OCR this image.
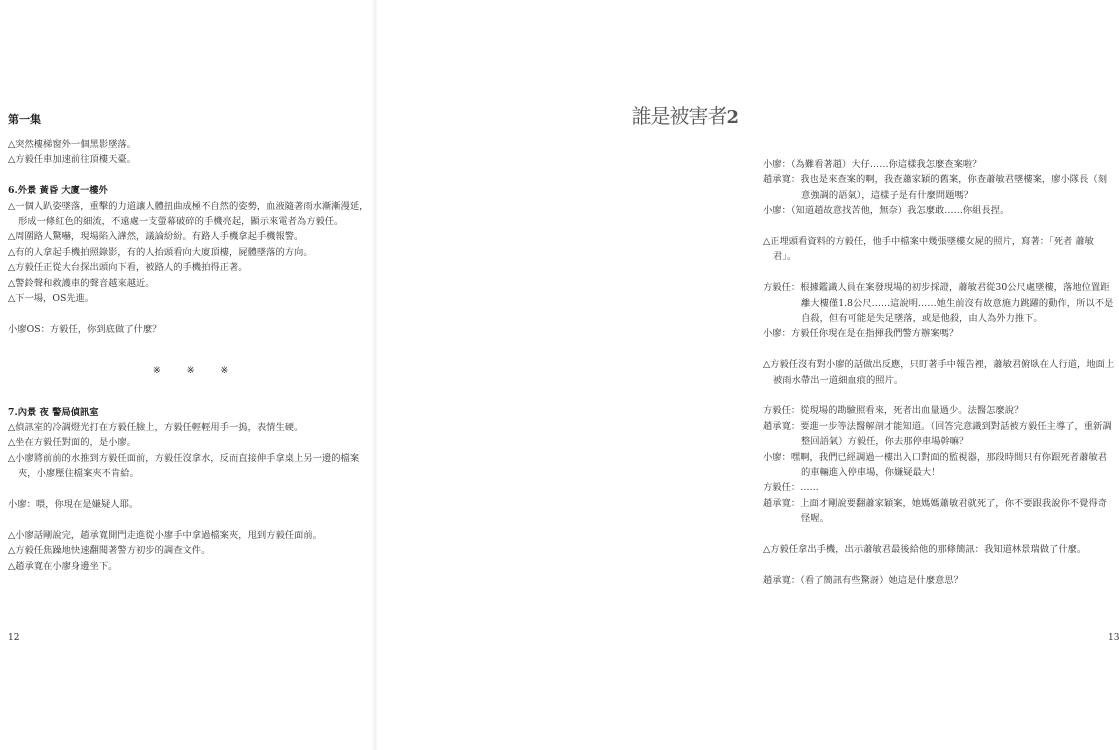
第一集

△突然樓梯窗外一個黑影墜落。

△方毅任車加速前往頂樓天臺。

6.外景 黃昏 大廈一樓外

△一個人趴姿墜落，重擊的力道讓人體扭曲成極不自然的姿勢，血液隨著雨水漸漸漫延，形成一條紅色的細流，不遠處一支螢幕破碎的手機亮起，顯示來電者為方毅任。

△周圍路人驚嚇，現場陷入譁然，議論紛紛。有路人手機拿起手機報警。

△有的人拿起手機拍照錄影，有的人抬頭看向大廈頂樓，屍體墜落的方向。

△方毅任正從大台探出頭向下看，被路人的手機拍得正著。

△警鈴聲和救護車的聲音越來越近。

△下一場，OS先進。

小廖OS：方毅任，你到底做了什麼？

※※※

7.內景 夜 警局偵訊室

△偵訊室的冷調燈光打在方毅任臉上，方毅任輕輕用手一摀，表情生硬。

△坐在方毅任對面的，是小廖。

△小廖將前前的水推到方毅任面前，方毅任沒拿水，反而直接伸手拿桌上另一邊的檔案夾，小廖壓住檔案夾不肯給。

小廖：喂，你現在是嫌疑人耶。

△小廖話剛說完，趙承寬開門走進從小廖手中拿過檔案夾，甩到方毅任面前。

△方毅任焦躁地快速翻閱著警方初步的調查文件。

△趙承寬在小廖身邊坐下。

12
誰是被害者2

小廖：（為難看著趙）大仔……你這樣我怎麼查案啦？

趙承寬：我也是來查案的啊，我查蕭家穎的舊案，你查蕭敏君墜樓案，廖小隊長（刻意強調的語氣），這樣子是有什麼問題嗎？

小廖：（知道趙故意找苦他，無奈）我怎麼敢……你組長捏。

△正埋頭看資料的方毅任，他手中檔案中幾張墜樓女屍的照片，寫著：「死者 蕭敏君」。

方毅任：根據鑑識人員在案發現場的初步採證，蕭敏君從30公尺處墜樓，落地位置距離大樓僅1.8公尺……這說明……她生前沒有故意施力跳躍的動作，所以不是自殺，但有可能是失足墜落，或是他殺，由人為外力推下。

小廖：方毅任你現在是在指揮我們警方辦案嗎？

△方毅任沒有對小廖的話做出反應，只盯著手中報告裡，蕭敏君俯臥在人行道，地面上被雨水帶出一道細血痕的照片。

方毅任：從現場的勘驗照看來，死者出血量過少。法醫怎麼說？

趙承寬：要進一步等法醫解剖才能知道。（回答完意識到對話被方毅任主導了，重新調整回語氣）方毅任，你去那停車場幹嘛？

小廖：嘿啊，我們已經調過一樓出入口對面的監視器，那段時間只有你跟死者蕭敏君的車輛進入停車場，你嫌疑最大！

方毅任：……

趙承寬：上面才剛說要翻蕭家穎案，她媽媽蕭敏君就死了，你不要跟我說你不覺得奇怪喔。

△方毅任拿出手機，出示蕭敏君最後給他的那條簡訊：我知道林景瑞做了什麼。

趙承寬：（看了簡訊有些驚訝）她這是什麼意思？

13
